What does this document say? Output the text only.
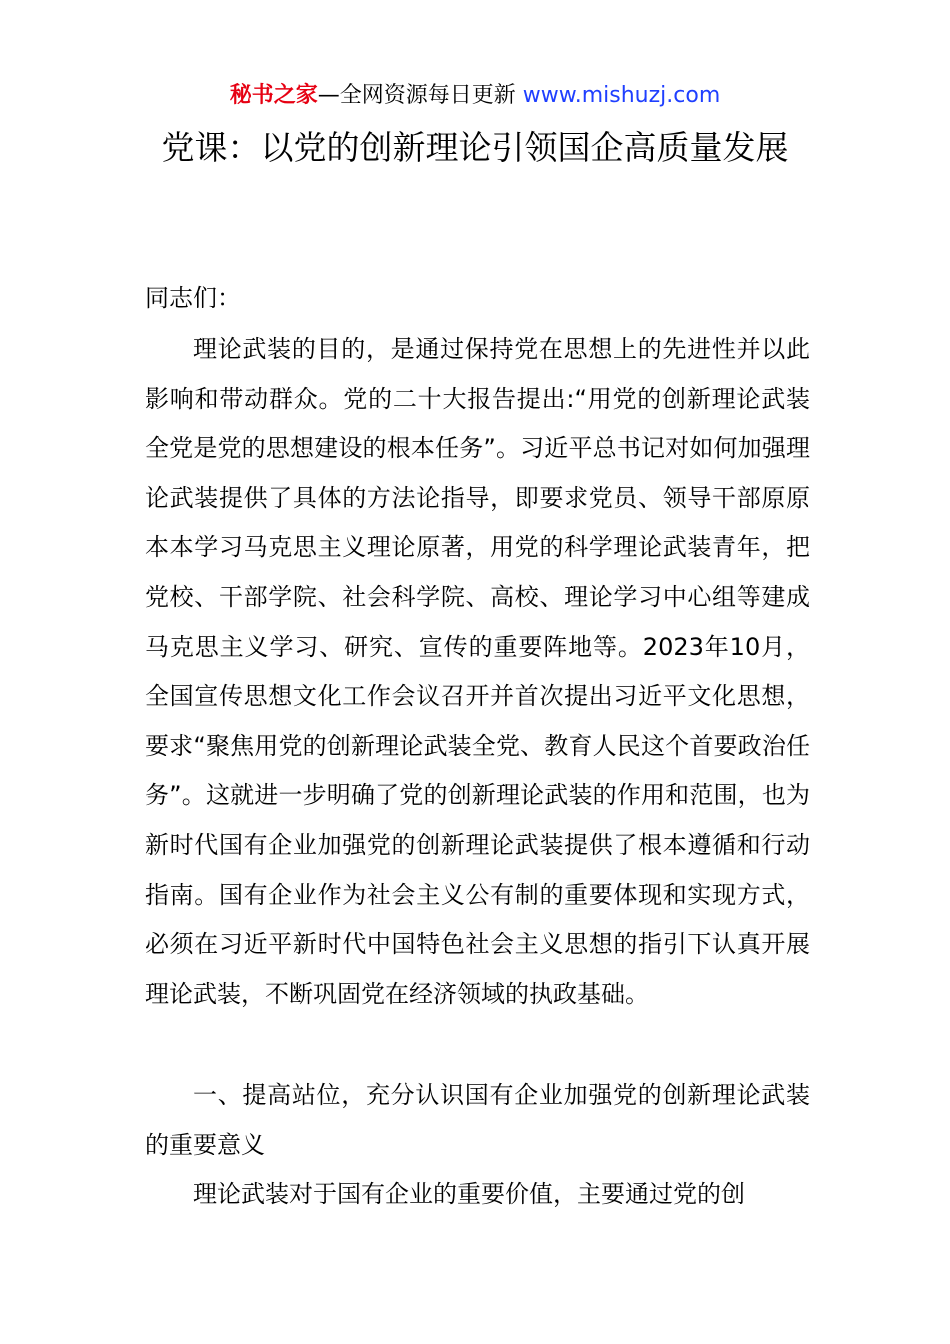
秘书之家—全网资源每日更新 www.mishuzj.com
党课：以党的创新理论引领国企高质量发展

同志们：

理论武装的目的，是通过保持党在思想上的先进性并以此影响和带动群众。党的二十大报告提出:“用党的创新理论武装全党是党的思想建设的根本任务”。习近平总书记对如何加强理论武装提供了具体的方法论指导，即要求党员、领导干部原原本本学习马克思主义理论原著，用党的科学理论武装青年，把党校、干部学院、社会科学院、高校、理论学习中心组等建成马克思主义学习、研究、宣传的重要阵地等。2023年10月，全国宣传思想文化工作会议召开并首次提出习近平文化思想，要求“聚焦用党的创新理论武装全党、教育人民这个首要政治任务”。这就进一步明确了党的创新理论武装的作用和范围，也为新时代国有企业加强党的创新理论武装提供了根本遵循和行动指南。国有企业作为社会主义公有制的重要体现和实现方式，必须在习近平新时代中国特色社会主义思想的指引下认真开展理论武装，不断巩固党在经济领域的执政基础。

一、提高站位，充分认识国有企业加强党的创新理论武装的重要意义

理论武装对于国有企业的重要价值，主要通过党的创
